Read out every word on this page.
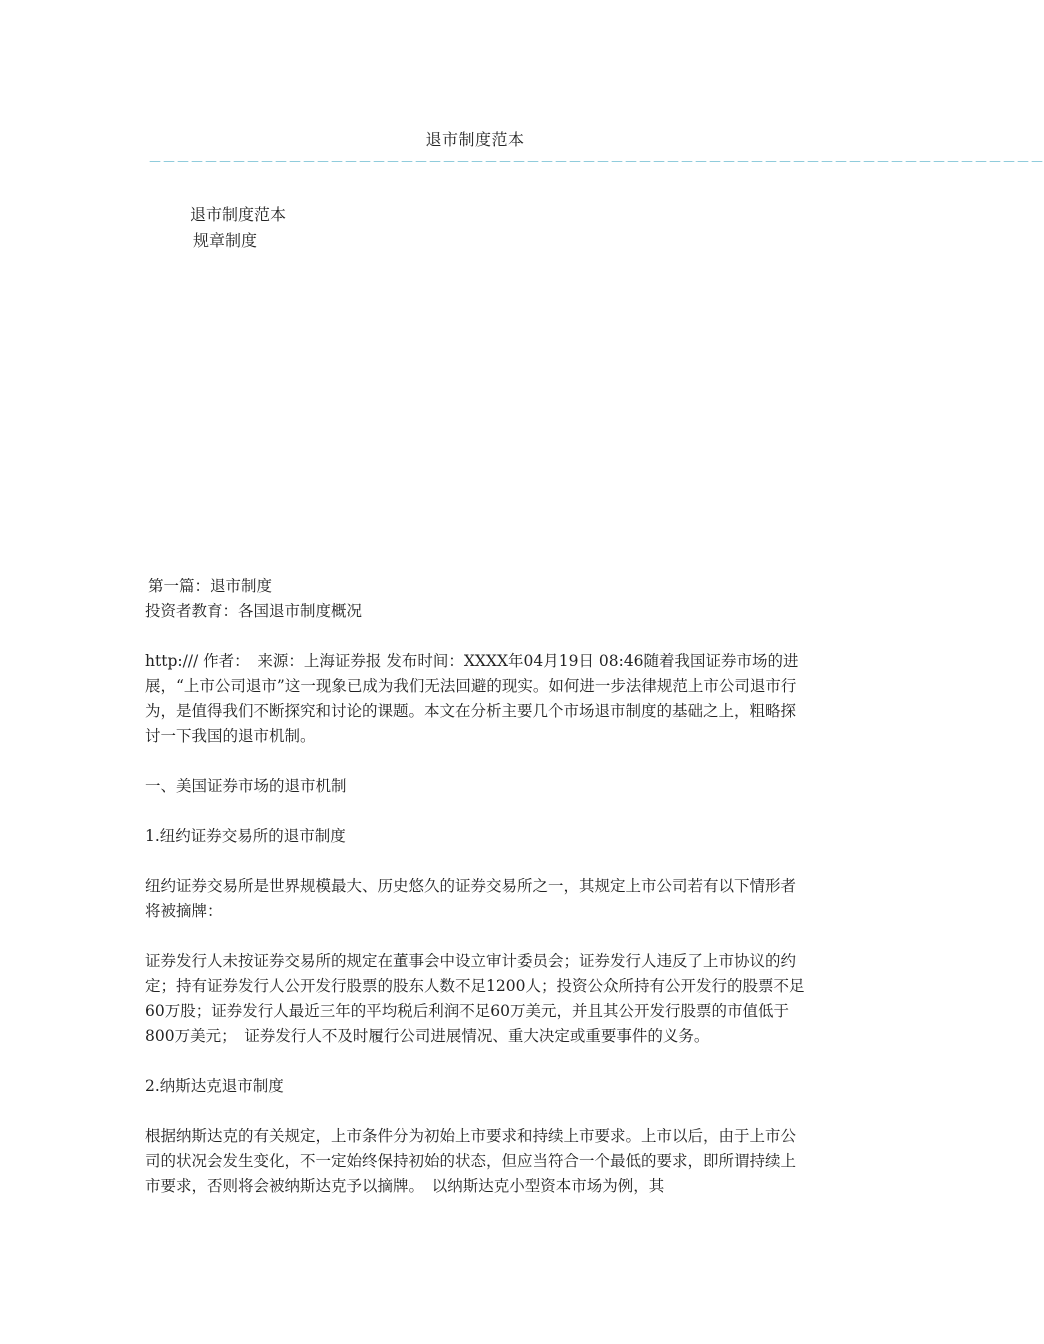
退市制度范本
－－－－－－－－－－－－－－－－－－－－－－－－－－－－－－－－－－－－－－－－－－－－－－－－－－－－－－－－－－－－－－－－
退市制度范本
规章制度

第一篇：退市制度

投资者教育：各国退市制度概况

http:/// 作者：　来源：上海证券报 发布时间：XXXX年04月19日 08:46随着我国证券市场的进展，“上市公司退市”这一现象已成为我们无法回避的现实。如何进一步法律规范上市公司退市行为，是值得我们不断探究和讨论的课题。本文在分析主要几个市场退市制度的基础之上，粗略探讨一下我国的退市机制。

一、美国证券市场的退市机制

1.纽约证券交易所的退市制度

纽约证券交易所是世界规模最大、历史悠久的证券交易所之一，其规定上市公司若有以下情形者将被摘牌：

证券发行人未按证券交易所的规定在董事会中设立审计委员会；证券发行人违反了上市协议的约定；持有证券发行人公开发行股票的股东人数不足1200人；投资公众所持有公开发行的股票不足60万股；证券发行人最近三年的平均税后利润不足60万美元，并且其公开发行股票的市值低于800万美元；　证券发行人不及时履行公司进展情况、重大决定或重要事件的义务。

2.纳斯达克退市制度

根据纳斯达克的有关规定，上市条件分为初始上市要求和持续上市要求。上市以后，由于上市公司的状况会发生变化，不一定始终保持初始的状态，但应当符合一个最低的要求，即所谓持续上市要求，否则将会被纳斯达克予以摘牌。　以纳斯达克小型资本市场为例，其
